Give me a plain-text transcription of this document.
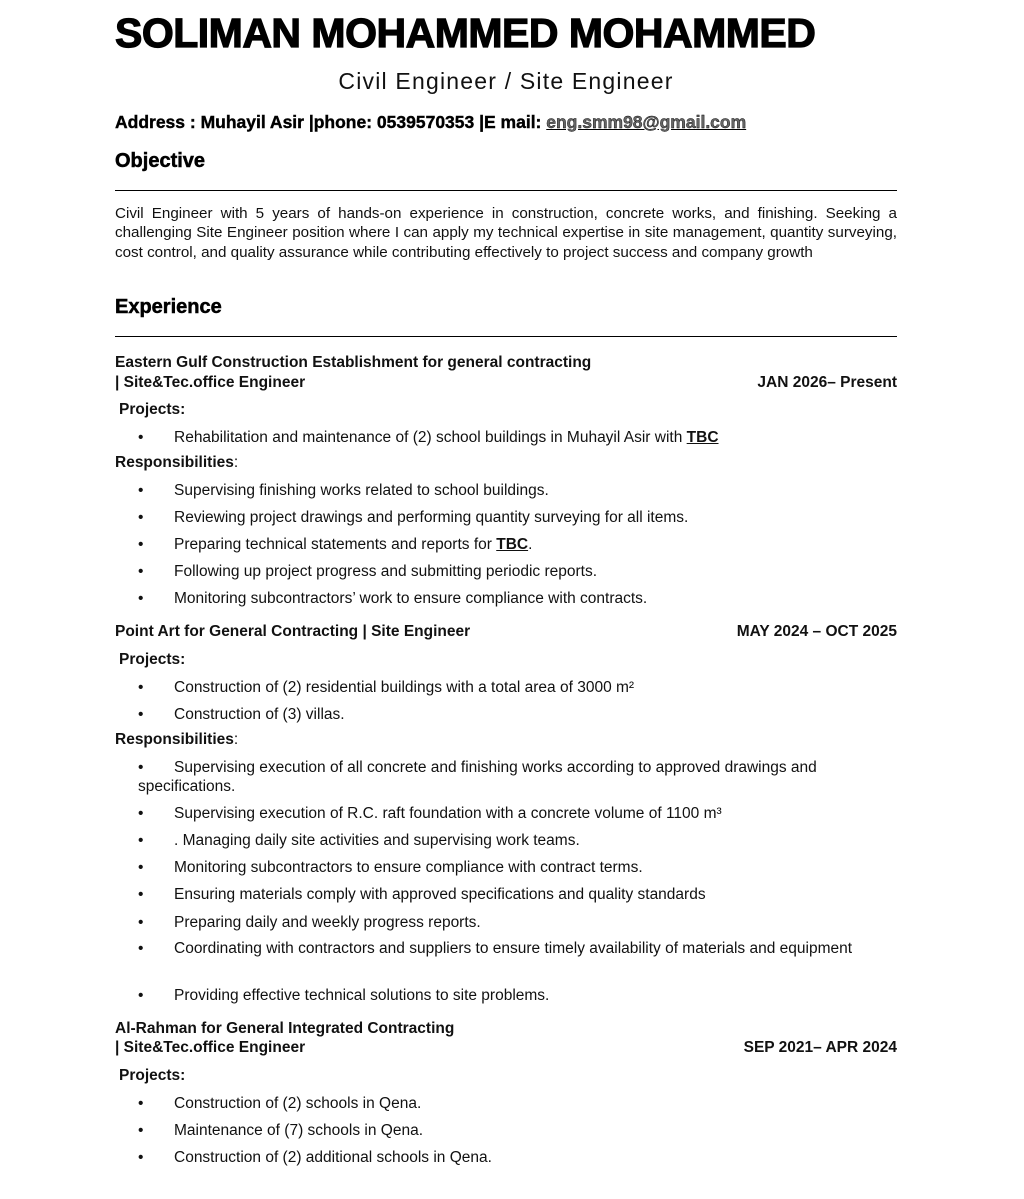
SOLIMAN MOHAMMED MOHAMMED
Civil Engineer / Site Engineer
Address : Muhayil Asir |phone: 0539570353 |E mail: eng.smm98@gmail.com
Objective
Civil Engineer with 5 years of hands-on experience in construction, concrete works, and finishing. Seeking a challenging Site Engineer position where I can apply my technical expertise in site management, quantity surveying, cost control, and quality assurance while contributing effectively to project success and company growth
Experience
Eastern Gulf Construction Establishment for general contracting
| Site&Tec.office Engineer	JAN 2026– Present
Projects:
•	Rehabilitation and maintenance of (2) school buildings in Muhayil Asir with TBC
Responsibilities:
•	Supervising finishing works related to school buildings.
•	Reviewing project drawings and performing quantity surveying for all items.
•	Preparing technical statements and reports for TBC.
•	Following up project progress and submitting periodic reports.
•	Monitoring subcontractors’ work to ensure compliance with contracts.
Point Art for General Contracting | Site Engineer	MAY 2024 – OCT 2025
Projects:
•	Construction of (2) residential buildings with a total area of 3000 m²
•	Construction of (3) villas.
Responsibilities:
•	Supervising execution of all concrete and finishing works according to approved drawings and specifications.
•	Supervising execution of R.C. raft foundation with a concrete volume of 1100 m³
•	. Managing daily site activities and supervising work teams.
•	Monitoring subcontractors to ensure compliance with contract terms.
•	Ensuring materials comply with approved specifications and quality standards
•	Preparing daily and weekly progress reports.
•	Coordinating with contractors and suppliers to ensure timely availability of materials and equipment
•	Providing effective technical solutions to site problems.
Al-Rahman for General Integrated Contracting
| Site&Tec.office Engineer	SEP 2021– APR 2024
Projects:
•	Construction of (2) schools in Qena.
•	Maintenance of (7) schools in Qena.
•	Construction of (2) additional schools in Qena.
